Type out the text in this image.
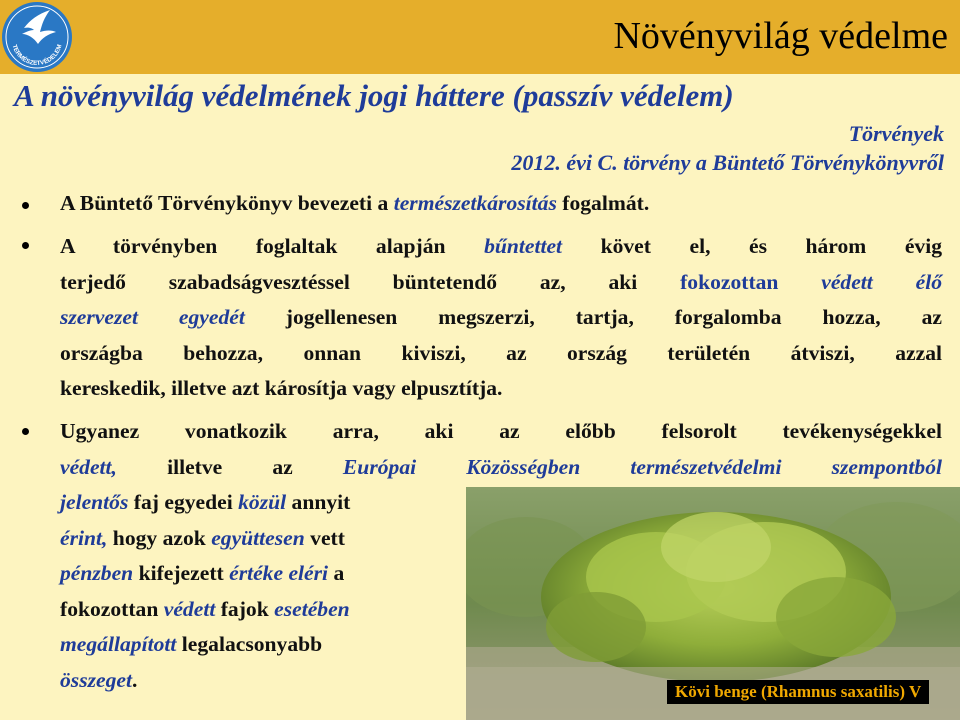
TERMÉSZETVÉDELEM	Növényvilág védelme
A növényvilág védelmének jogi háttere (passzív védelem)
Törvények
2012. évi C. törvény a Büntető Törvénykönyvről
A Büntető Törvénykönyv bevezeti a természetkárosítás fogalmát.
A törvényben foglaltak alapján bűntettet követ el, és három évig
terjedő szabadságvesztéssel büntetendő az, aki fokozottan védett élő
szervezet egyedét jogellenesen megszerzi, tartja, forgalomba hozza, az
országba behozza, onnan kiviszi, az ország területén átviszi, azzal
kereskedik, illetve azt károsítja vagy elpusztítja.
Ugyanez vonatkozik arra, aki az előbb felsorolt tevékenységekkel
védett, illetve az Európai Közösségben természetvédelmi szempontból
jelentős faj egyedei közül annyit
érint, hogy azok együttesen vett
pénzben kifejezett értéke eléri a
fokozottan védett fajok esetében
megállapított legalacsonyabb
összeget.	Kövi benge (Rhamnus saxatilis) V
